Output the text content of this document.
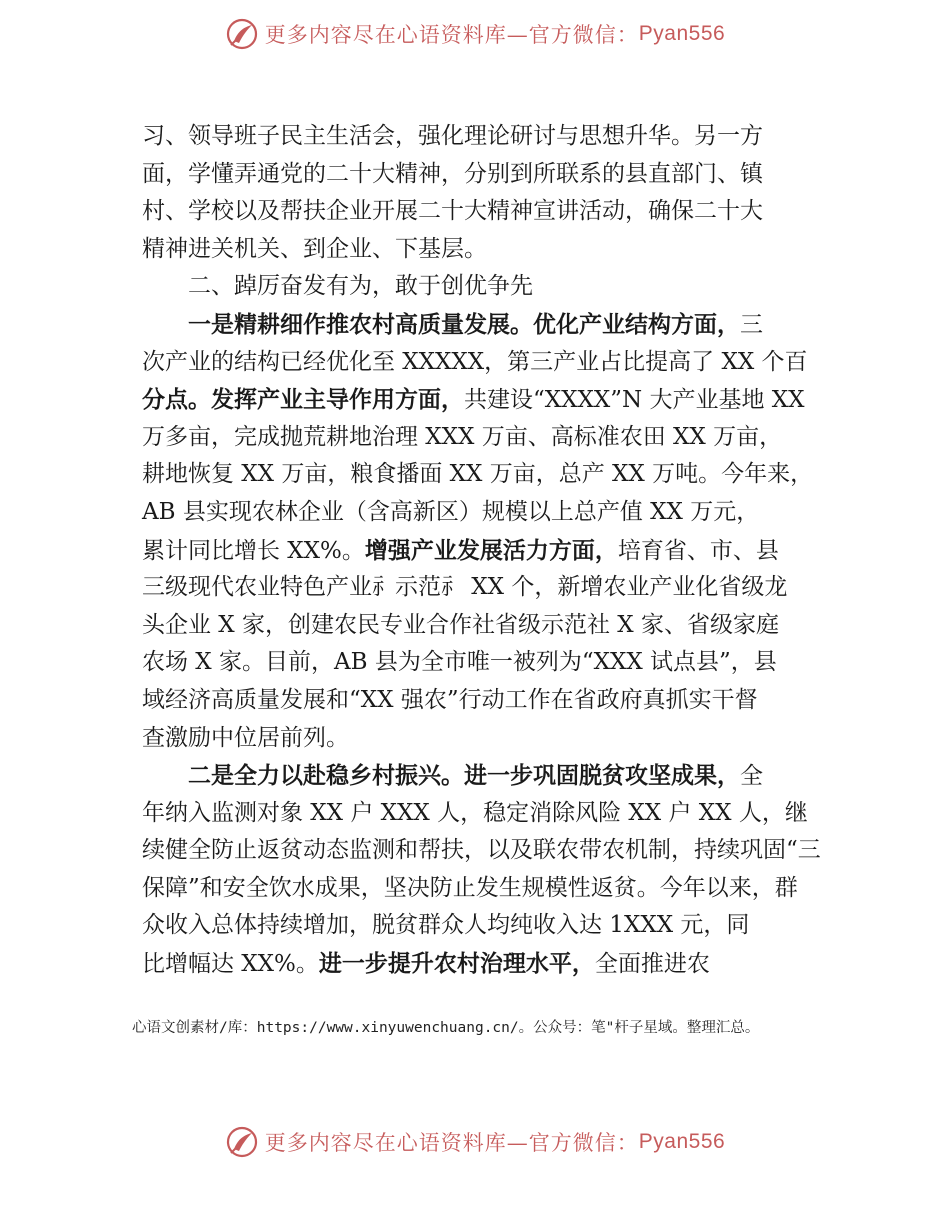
更多内容尽在心语资料库—官方微信： Pyan556
习、领导班子民主生活会，强化理论研讨与思想升华。另一方
面，学懂弄通党的二十大精神，分别到所联系的县直部门、镇
村、学校以及帮扶企业开展二十大精神宣讲活动，确保二十大
精神进关机关、到企业、下基层。
二、踔厉奋发有为，敢于创优争先
一是精耕细作推农村高质量发展。优化产业结构方面，三
次产业的结构已经优化至 XXXXX，第三产业占比提高了 XX 个百
分点。发挥产业主导作用方面，共建设“XXXX”N 大产业基地 XX
万多亩，完成抛荒耕地治理 XXX 万亩、高标准农田 XX 万亩，
耕地恢复 XX 万亩，粮食播面 XX 万亩，总产 XX 万吨。今年来，
AB 县实现农林企业（含高新区）规模以上总产值 XX 万元，
累计同比增长 XX%。增强产业发展活力方面，培育省、市、县
三级现代农业特色产业⺬示范⺬ XX 个，新增农业产业化省级龙
头企业 X 家，创建农民专业合作社省级示范社 X 家、省级家庭
农场 X 家。目前，AB 县为全市唯一被列为“XXX 试点县”，县
域经济高质量发展和“XX 强农”行动工作在省政府真抓实干督
查激励中位居前列。
二是全力以赴稳乡村振兴。进一步巩固脱贫攻坚成果，全
年纳入监测对象 XX 户 XXX 人，稳定消除风险 XX 户 XX 人，继
续健全防止返贫动态监测和帮扶，以及联农带农机制，持续巩固“三
保障”和安全饮水成果，坚决防止发生规模性返贫。今年以来，群
众收入总体持续增加，脱贫群众人均纯收入达 1XXX 元，同
比增幅达 XX%。进一步提升农村治理水平，全面推进农
心语文创素材/库：https://www.xinyuwenchuang.cn/。公众号：笔"杆子星域。整理汇总。
更多内容尽在心语资料库—官方微信： Pyan556
